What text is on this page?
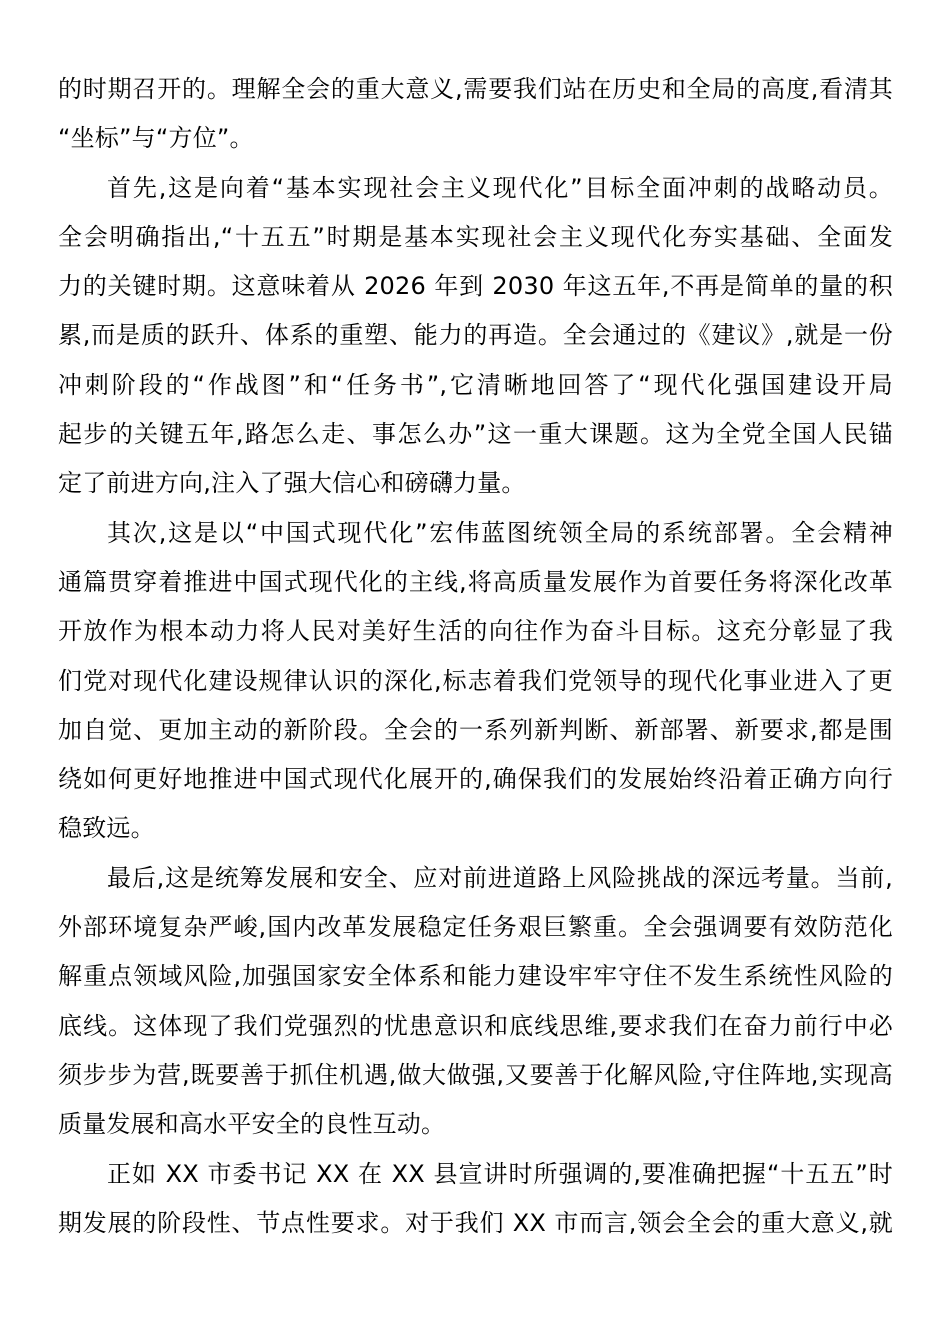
的时期召开的。理解全会的重大意义,需要我们站在历史和全局的高度,看清其
“坐标”与“方位”。

首先,这是向着“基本实现社会主义现代化”目标全面冲刺的战略动员。
全会明确指出,“十五五”时期是基本实现社会主义现代化夯实基础、全面发
力的关键时期。这意味着从 2026 年到 2030 年这五年,不再是简单的量的积
累,而是质的跃升、体系的重塑、能力的再造。全会通过的《建议》,就是一份
冲刺阶段的“作战图”和“任务书”,它清晰地回答了“现代化强国建设开局
起步的关键五年,路怎么走、事怎么办”这一重大课题。这为全党全国人民锚
定了前进方向,注入了强大信心和磅礴力量。

其次,这是以“中国式现代化”宏伟蓝图统领全局的系统部署。全会精神
通篇贯穿着推进中国式现代化的主线,将高质量发展作为首要任务将深化改革
开放作为根本动力将人民对美好生活的向往作为奋斗目标。这充分彰显了我
们党对现代化建设规律认识的深化,标志着我们党领导的现代化事业进入了更
加自觉、更加主动的新阶段。全会的一系列新判断、新部署、新要求,都是围
绕如何更好地推进中国式现代化展开的,确保我们的发展始终沿着正确方向行
稳致远。

最后,这是统筹发展和安全、应对前进道路上风险挑战的深远考量。当前,
外部环境复杂严峻,国内改革发展稳定任务艰巨繁重。全会强调要有效防范化
解重点领域风险,加强国家安全体系和能力建设牢牢守住不发生系统性风险的
底线。这体现了我们党强烈的忧患意识和底线思维,要求我们在奋力前行中必
须步步为营,既要善于抓住机遇,做大做强,又要善于化解风险,守住阵地,实现高
质量发展和高水平安全的良性互动。

正如 XX 市委书记 XX 在 XX 县宣讲时所强调的,要准确把握“十五五”时
期发展的阶段性、节点性要求。对于我们 XX 市而言,领会全会的重大意义,就
